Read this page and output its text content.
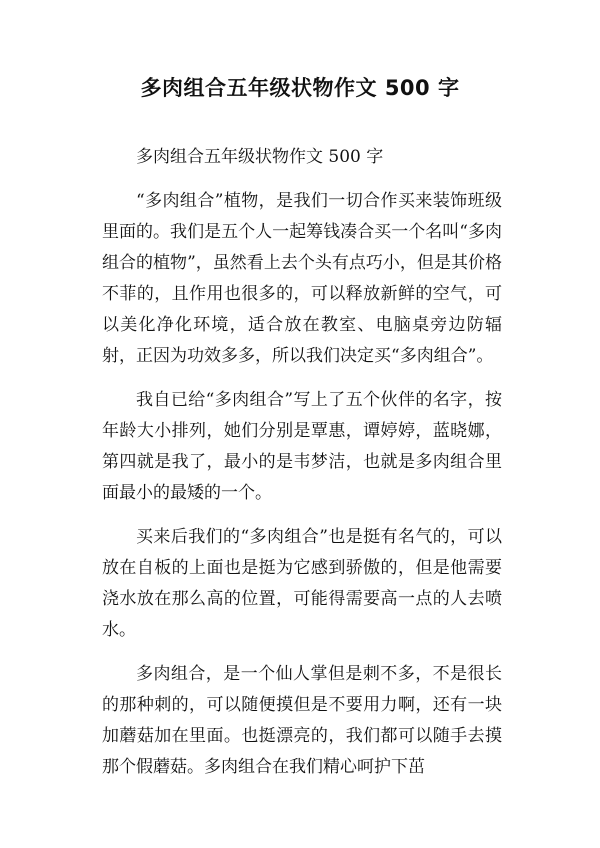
多肉组合五年级状物作文 500 字

多肉组合五年级状物作文 500 字

“多肉组合”植物，是我们一切合作买来装饰班级里面的。我们是五个人一起筹钱凑合买一个名叫“多肉组合的植物”，虽然看上去个头有点巧小，但是其价格不菲的，且作用也很多的，可以释放新鲜的空气，可以美化净化环境，适合放在教室、电脑桌旁边防辐射，正因为功效多多，所以我们决定买“多肉组合”。

我自已给“多肉组合”写上了五个伙伴的名字，按年龄大小排列，她们分别是覃惠，谭婷婷，蓝晓娜，第四就是我了，最小的是韦梦洁，也就是多肉组合里面最小的最矮的一个。

买来后我们的“多肉组合”也是挺有名气的，可以放在自板的上面也是挺为它感到骄傲的，但是他需要浇水放在那么高的位置，可能得需要高一点的人去喷水。

多肉组合，是一个仙人掌但是刺不多，不是很长的那种刺的，可以随便摸但是不要用力啊，还有一块加蘑菇加在里面。也挺漂亮的，我们都可以随手去摸那个假蘑菇。多肉组合在我们精心呵护下茁
